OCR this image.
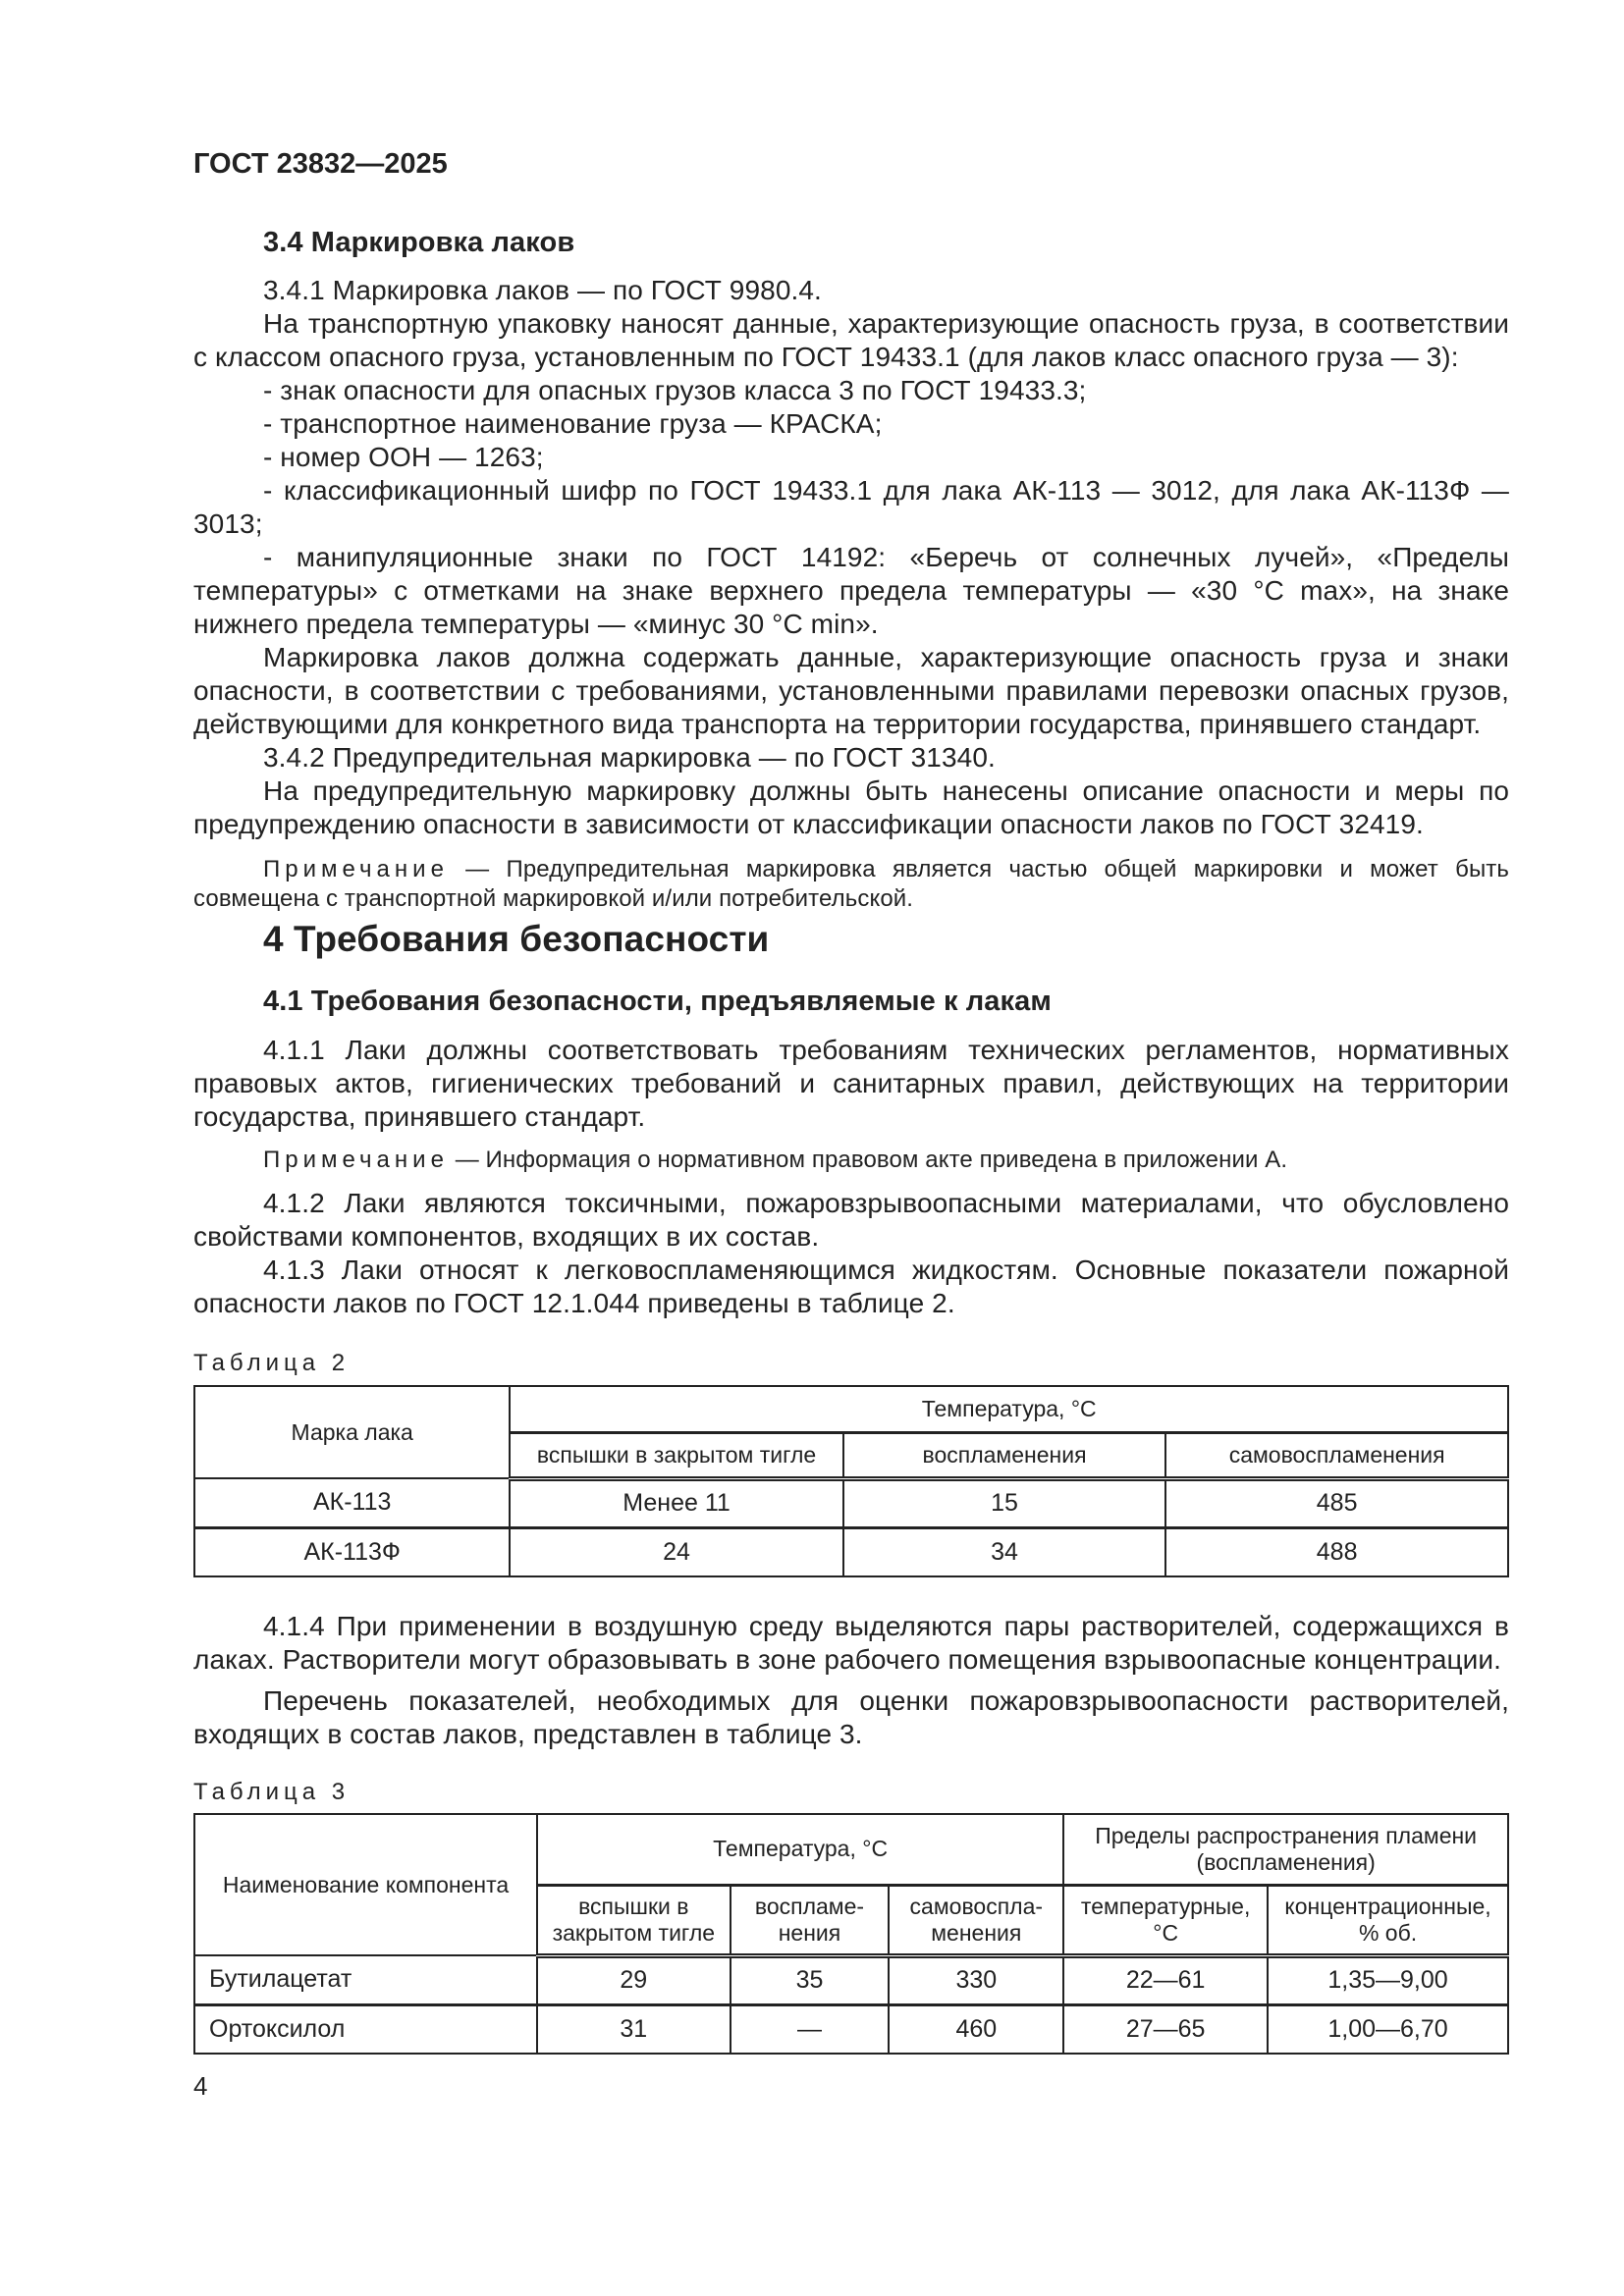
ГОСТ 23832—2025

3.4 Маркировка лаков

3.4.1 Маркировка лаков — по ГОСТ 9980.4.

На транспортную упаковку наносят данные, характеризующие опасность груза, в соответствии с классом опасного груза, установленным по ГОСТ 19433.1 (для лаков класс опасного груза — 3):

- знак опасности для опасных грузов класса 3 по ГОСТ 19433.3;

- транспортное наименование груза — КРАСКА;

- номер ООН — 1263;

- классификационный шифр по ГОСТ 19433.1 для лака АК-113 — 3012, для лака АК-113Ф — 3013;

- манипуляционные знаки по ГОСТ 14192: «Беречь от солнечных лучей», «Пределы температуры» с отметками на знаке верхнего предела температуры — «30 °С max», на знаке нижнего предела температуры — «минус 30 °С min».

Маркировка лаков должна содержать данные, характеризующие опасность груза и знаки опасности, в соответствии с требованиями, установленными правилами перевозки опасных грузов, действующими для конкретного вида транспорта на территории государства, принявшего стандарт.

3.4.2 Предупредительная маркировка — по ГОСТ 31340.

На предупредительную маркировку должны быть нанесены описание опасности и меры по предупреждению опасности в зависимости от классификации опасности лаков по ГОСТ 32419.

Примечание — Предупредительная маркировка является частью общей маркировки и может быть совмещена с транспортной маркировкой и/или потребительской.

4 Требования безопасности

4.1 Требования безопасности, предъявляемые к лакам

4.1.1 Лаки должны соответствовать требованиям технических регламентов, нормативных правовых актов, гигиенических требований и санитарных правил, действующих на территории государства, принявшего стандарт.

Примечание — Информация о нормативном правовом акте приведена в приложении А.

4.1.2 Лаки являются токсичными, пожаровзрывоопасными материалами, что обусловлено свойствами компонентов, входящих в их состав.

4.1.3 Лаки относят к легковоспламеняющимся жидкостям. Основные показатели пожарной опасности лаков по ГОСТ 12.1.044 приведены в таблице 2.

Таблица 2

Марка лака	Температура, °С		
	вспышки в закрытом тигле	воспламенения	самовоспламенения
АК-113	Менее 11	15	485
АК-113Ф	24	34	488

4.1.4 При применении в воздушную среду выделяются пары растворителей, содержащихся в лаках. Растворители могут образовывать в зоне рабочего помещения взрывоопасные концентрации.

Перечень показателей, необходимых для оценки пожаровзрывоопасности растворителей, входящих в состав лаков, представлен в таблице 3.

Таблица 3

Наименование компонента	Температура, °С			Пределы распространения пламени (воспламенения)	
	вспышки в закрытом тигле	воспламе-нения	самовоспла-менения	температурные, °С	концентрационные, % об.
Бутилацетат	29	35	330	22—61	1,35—9,00
Ортоксилол	31	—	460	27—65	1,00—6,70
4
